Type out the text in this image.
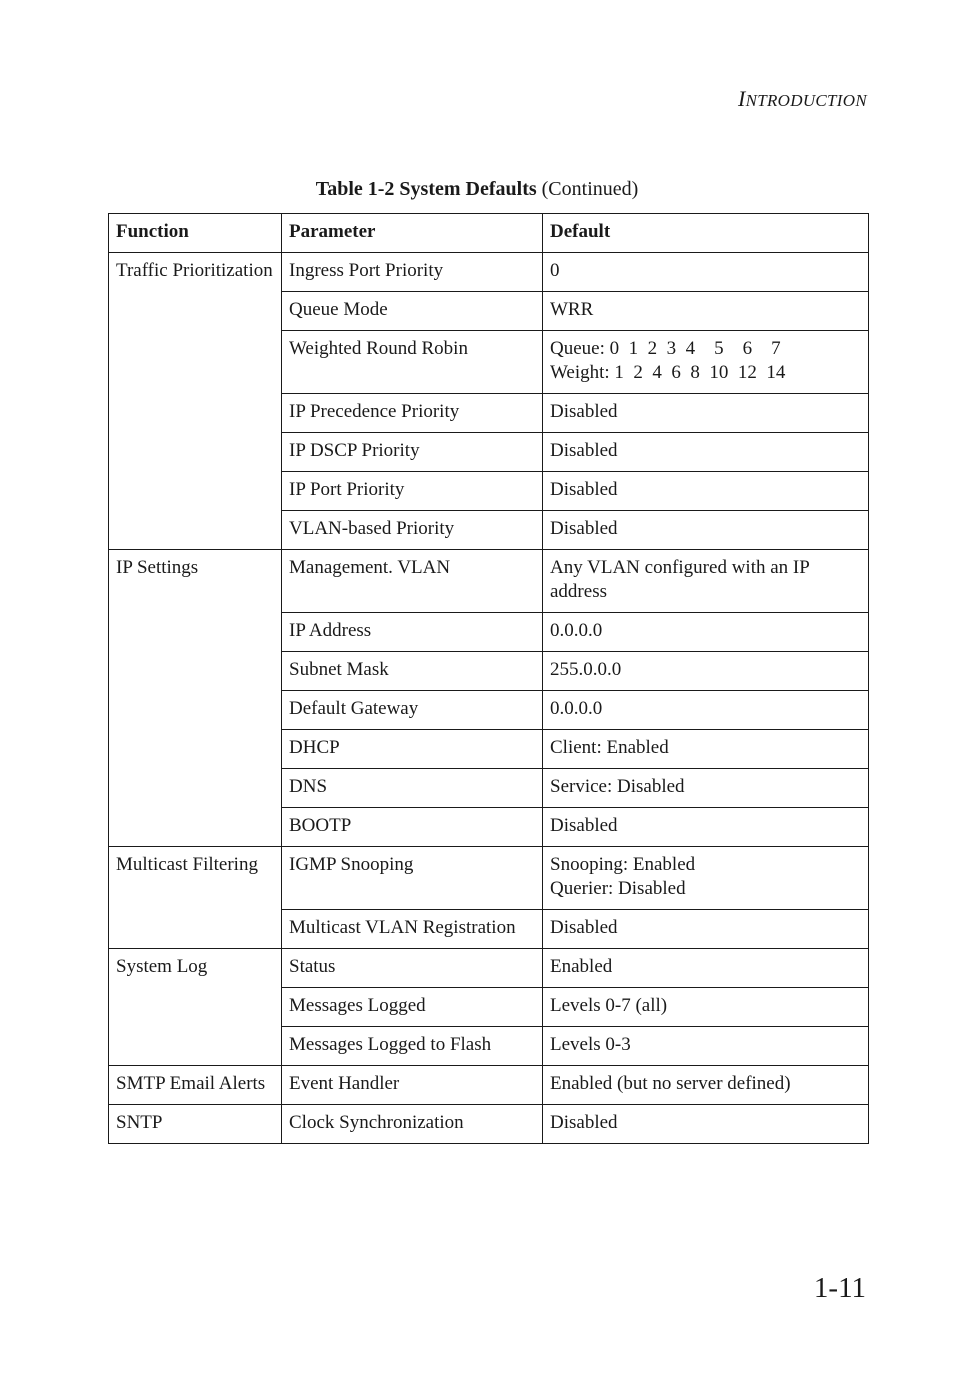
INTRODUCTION
Table 1-2 System Defaults (Continued)
Function	Parameter	Default
Traffic Prioritization	Ingress Port Priority	0

	Queue Mode	WRR

	Weighted Round Robin	Queue: 0  1  2  3  4    5    6    7
Weight: 1  2  4  6  8  10  12  14

	IP Precedence Priority	Disabled

	IP DSCP Priority	Disabled

	IP Port Priority	Disabled

	VLAN-based Priority	Disabled

IP Settings	Management. VLAN	Any VLAN configured with an IP
address

	IP Address	0.0.0.0

	Subnet Mask	255.0.0.0

	Default Gateway	0.0.0.0

	DHCP	Client: Enabled

	DNS	Service: Disabled

	BOOTP	Disabled

Multicast Filtering	IGMP Snooping	Snooping: Enabled
Querier: Disabled

	Multicast VLAN Registration	Disabled

System Log	Status	Enabled

	Messages Logged	Levels 0-7 (all)

	Messages Logged to Flash	Levels 0-3

SMTP Email Alerts	Event Handler	Enabled (but no server defined)

SNTP	Clock Synchronization	Disabled
1-11
